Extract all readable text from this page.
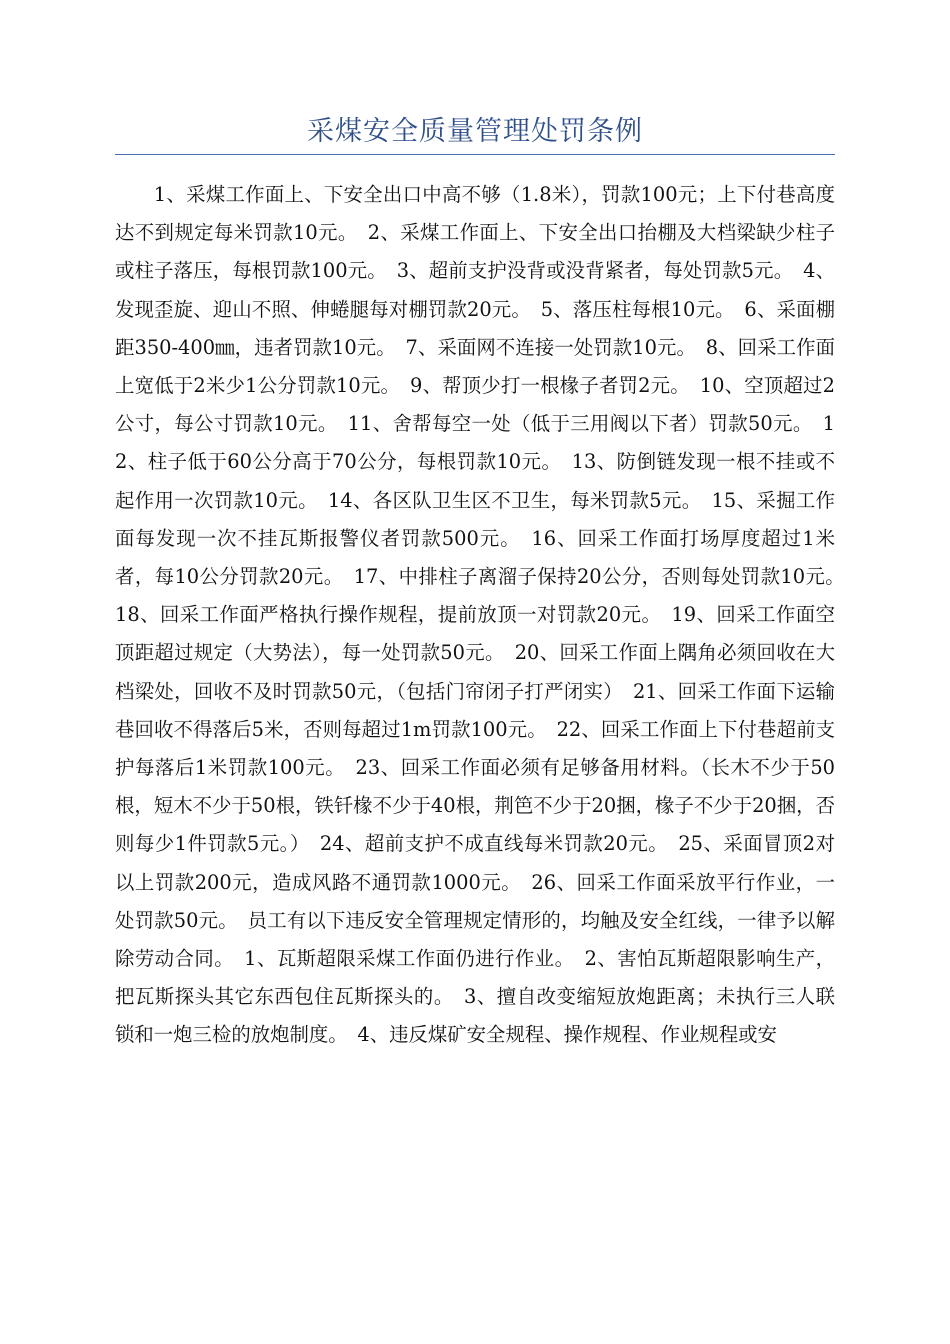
采煤安全质量管理处罚条例

1、采煤工作面上、下安全出口中高不够（1.8米），罚款100元；上下付巷高度达不到规定每米罚款10元。　2、采煤工作面上、下安全出口抬棚及大档梁缺少柱子或柱子落压，每根罚款100元。　3、超前支护没背或没背紧者，每处罚款5元。　4、发现歪旋、迎山不照、伸蜷腿每对棚罚款20元。　5、落压柱每根10元。　6、采面棚距350-400㎜，违者罚款10元。　7、采面网不连接一处罚款10元。　8、回采工作面上宽低于2米少1公分罚款10元。　9、帮顶少打一根椽子者罚2元。　10、空顶超过2公寸，每公寸罚款10元。　11、舍帮每空一处（低于三用阀以下者）罚款50元。　12、柱子低于60公分高于70公分，每根罚款10元。　13、防倒链发现一根不挂或不起作用一次罚款10元。　14、各区队卫生区不卫生，每米罚款5元。　15、采掘工作面每发现一次不挂瓦斯报警仪者罚款500元。　16、回采工作面打场厚度超过1米者，每10公分罚款20元。　17、中排柱子离溜子保持20公分，否则每处罚款10元。　18、回采工作面严格执行操作规程，提前放顶一对罚款20元。　19、回采工作面空顶距超过规定（大势法），每一处罚款50元。　20、回采工作面上隅角必须回收在大档梁处，回收不及时罚款50元，（包括门帘闭子打严闭实）　21、回采工作面下运输巷回收不得落后5米，否则每超过1m罚款100元。　22、回采工作面上下付巷超前支护每落后1米罚款100元。　23、回采工作面必须有足够备用材料。（长木不少于50根，短木不少于50根，铁钎椽不少于40根，荆笆不少于20捆，椽子不少于20捆，否则每少1件罚款5元。）　24、超前支护不成直线每米罚款20元。　25、采面冒顶2对以上罚款200元，造成风路不通罚款1000元。　26、回采工作面采放平行作业，一处罚款50元。　员工有以下违反安全管理规定情形的，均触及安全红线，一律予以解除劳动合同。　1、瓦斯超限采煤工作面仍进行作业。　2、害怕瓦斯超限影响生产，把瓦斯探头其它东西包住瓦斯探头的。　3、擅自改变缩短放炮距离；未执行三人联锁和一炮三检的放炮制度。　4、违反煤矿安全规程、操作规程、作业规程或安
